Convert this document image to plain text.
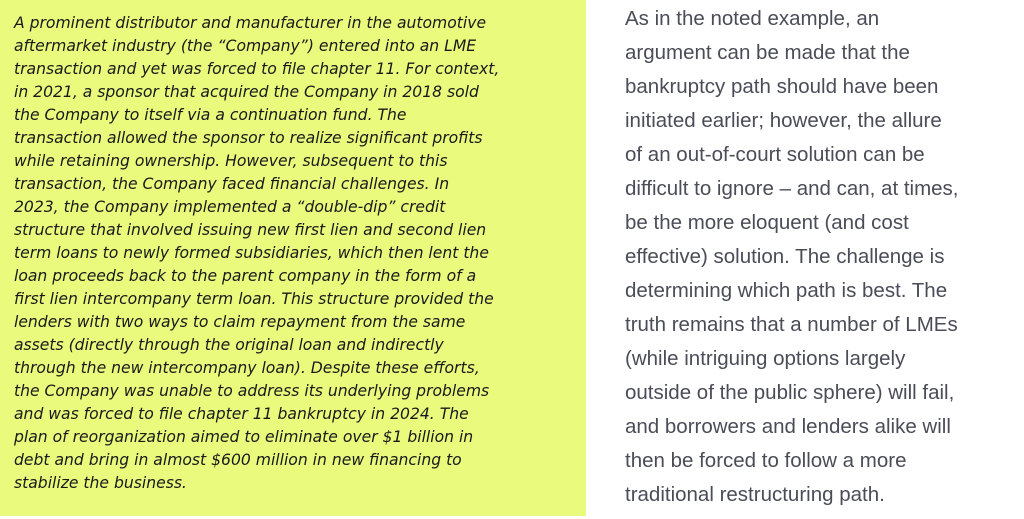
A prominent distributor and manufacturer in the automotive
aftermarket industry (the “Company”) entered into an LME
transaction and yet was forced to file chapter 11. For context,
in 2021, a sponsor that acquired the Company in 2018 sold
the Company to itself via a continuation fund. The
transaction allowed the sponsor to realize significant profits
while retaining ownership. However, subsequent to this
transaction, the Company faced financial challenges. In
2023, the Company implemented a “double-dip” credit
structure that involved issuing new first lien and second lien
term loans to newly formed subsidiaries, which then lent the
loan proceeds back to the parent company in the form of a
first lien intercompany term loan. This structure provided the
lenders with two ways to claim repayment from the same
assets (directly through the original loan and indirectly
through the new intercompany loan). Despite these efforts,
the Company was unable to address its underlying problems
and was forced to file chapter 11 bankruptcy in 2024. The
plan of reorganization aimed to eliminate over $1 billion in
debt and bring in almost $600 million in new financing to
stabilize the business.

As in the noted example, an
argument can be made that the
bankruptcy path should have been
initiated earlier; however, the allure
of an out-of-court solution can be
difficult to ignore – and can, at times,
be the more eloquent (and cost
effective) solution. The challenge is
determining which path is best. The
truth remains that a number of LMEs
(while intriguing options largely
outside of the public sphere) will fail,
and borrowers and lenders alike will
then be forced to follow a more
traditional restructuring path.
